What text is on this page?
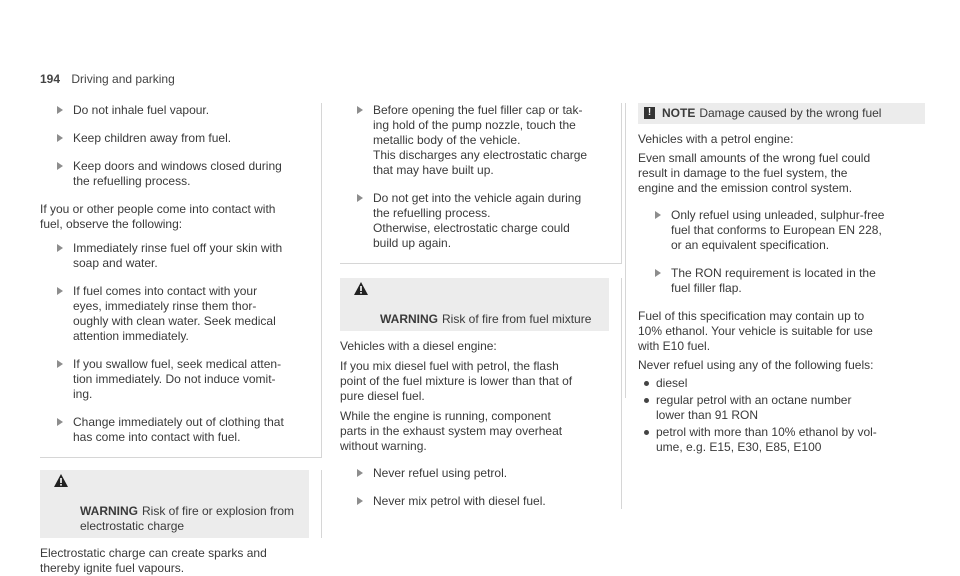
194 Driving and parking
Do not inhale fuel vapour.
Keep children away from fuel.
Keep doors and windows closed during
the refuelling process.
If you or other people come into contact with
fuel, observe the following:
Immediately rinse fuel off your skin with
soap and water.
If fuel comes into contact with your
eyes, immediately rinse them thor-
oughly with clean water. Seek medical
attention immediately.
If you swallow fuel, seek medical atten-
tion immediately. Do not induce vomit-
ing.
Change immediately out of clothing that
has come into contact with fuel.

WARNING Risk of fire or explosion from
electrostatic charge

Electrostatic charge can create sparks and
thereby ignite fuel vapours.
Before opening the fuel filler cap or tak-
ing hold of the pump nozzle, touch the
metallic body of the vehicle.
This discharges any electrostatic charge
that may have built up.
Do not get into the vehicle again during
the refuelling process.
Otherwise, electrostatic charge could
build up again.

WARNING Risk of fire from fuel mixture

Vehicles with a diesel engine:
If you mix diesel fuel with petrol, the flash
point of the fuel mixture is lower than that of
pure diesel fuel.
While the engine is running, component
parts in the exhaust system may overheat
without warning.
Never refuel using petrol.
Never mix petrol with diesel fuel.
! NOTE Damage caused by the wrong fuel
Vehicles with a petrol engine:
Even small amounts of the wrong fuel could
result in damage to the fuel system, the
engine and the emission control system.
Only refuel using unleaded, sulphur-free
fuel that conforms to European EN 228,
or an equivalent specification.
The RON requirement is located in the
fuel filler flap.
Fuel of this specification may contain up to
10% ethanol. Your vehicle is suitable for use
with E10 fuel.
Never refuel using any of the following fuels:
diesel
regular petrol with an octane number
lower than 91 RON
petrol with more than 10% ethanol by vol-
ume, e.g. E15, E30, E85, E100
